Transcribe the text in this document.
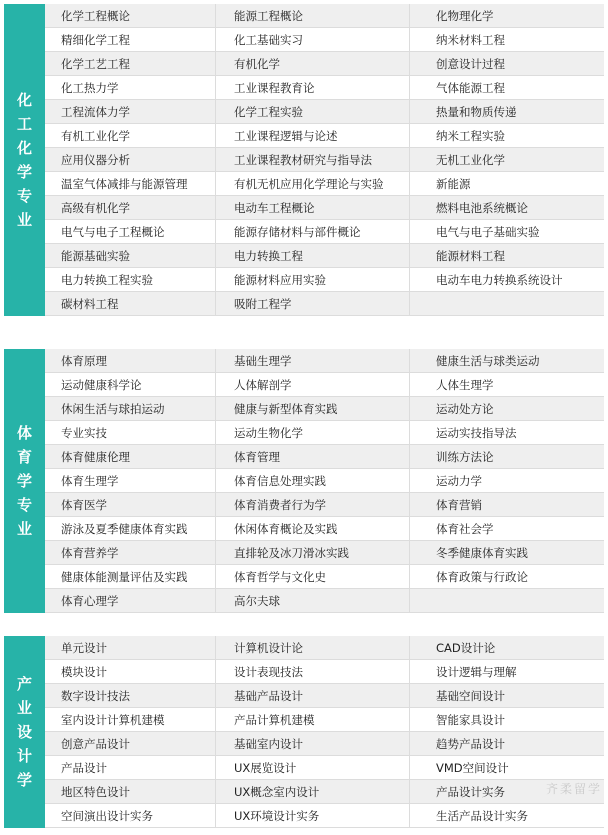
化
工
化
学
专
业
化学工程概论	能源工程概论	化物理化学
精细化学工程	化工基础实习	纳米材料工程
化学工艺工程	有机化学	创意设计过程
化工热力学	工业课程教育论	气体能源工程
工程流体力学	化学工程实验	热量和物质传递
有机工业化学	工业课程逻辑与论述	纳米工程实验
应用仪器分析	工业课程教材研究与指导法	无机工业化学
温室气体减排与能源管理	有机无机应用化学理论与实验	新能源
高级有机化学	电动车工程概论	燃料电池系统概论
电气与电子工程概论	能源存储材料与部件概论	电气与电子基础实验
能源基础实验	电力转换工程	能源材料工程
电力转换工程实验	能源材料应用实验	电动车电力转换系统设计
碳材料工程	吸附工程学
体
育
学
专
业
体育原理	基础生理学	健康生活与球类运动
运动健康科学论	人体解剖学	人体生理学
休闲生活与球拍运动	健康与新型体育实践	运动处方论
专业实技	运动生物化学	运动实技指导法
体育健康伦理	体育管理	训练方法论
体育生理学	体育信息处理实践	运动力学
体育医学	体育消费者行为学	体育营销
游泳及夏季健康体育实践	休闲体育概论及实践	体育社会学
体育营养学	直排轮及冰刀滑冰实践	冬季健康体育实践
健康体能测量评估及实践	体育哲学与文化史	体育政策与行政论
体育心理学	高尔夫球
产
业
设
计
学
单元设计	计算机设计论	CAD设计论
模块设计	设计表现技法	设计逻辑与理解
数字设计技法	基础产品设计	基础空间设计
室内设计计算机建模	产品计算机建模	智能家具设计
创意产品设计	基础室内设计	趋势产品设计
产品设计	UX展览设计	VMD空间设计
地区特色设计	UX概念室内设计	产品设计实务
空间演出设计实务	UX环境设计实务	生活产品设计实务
齐柔留学
